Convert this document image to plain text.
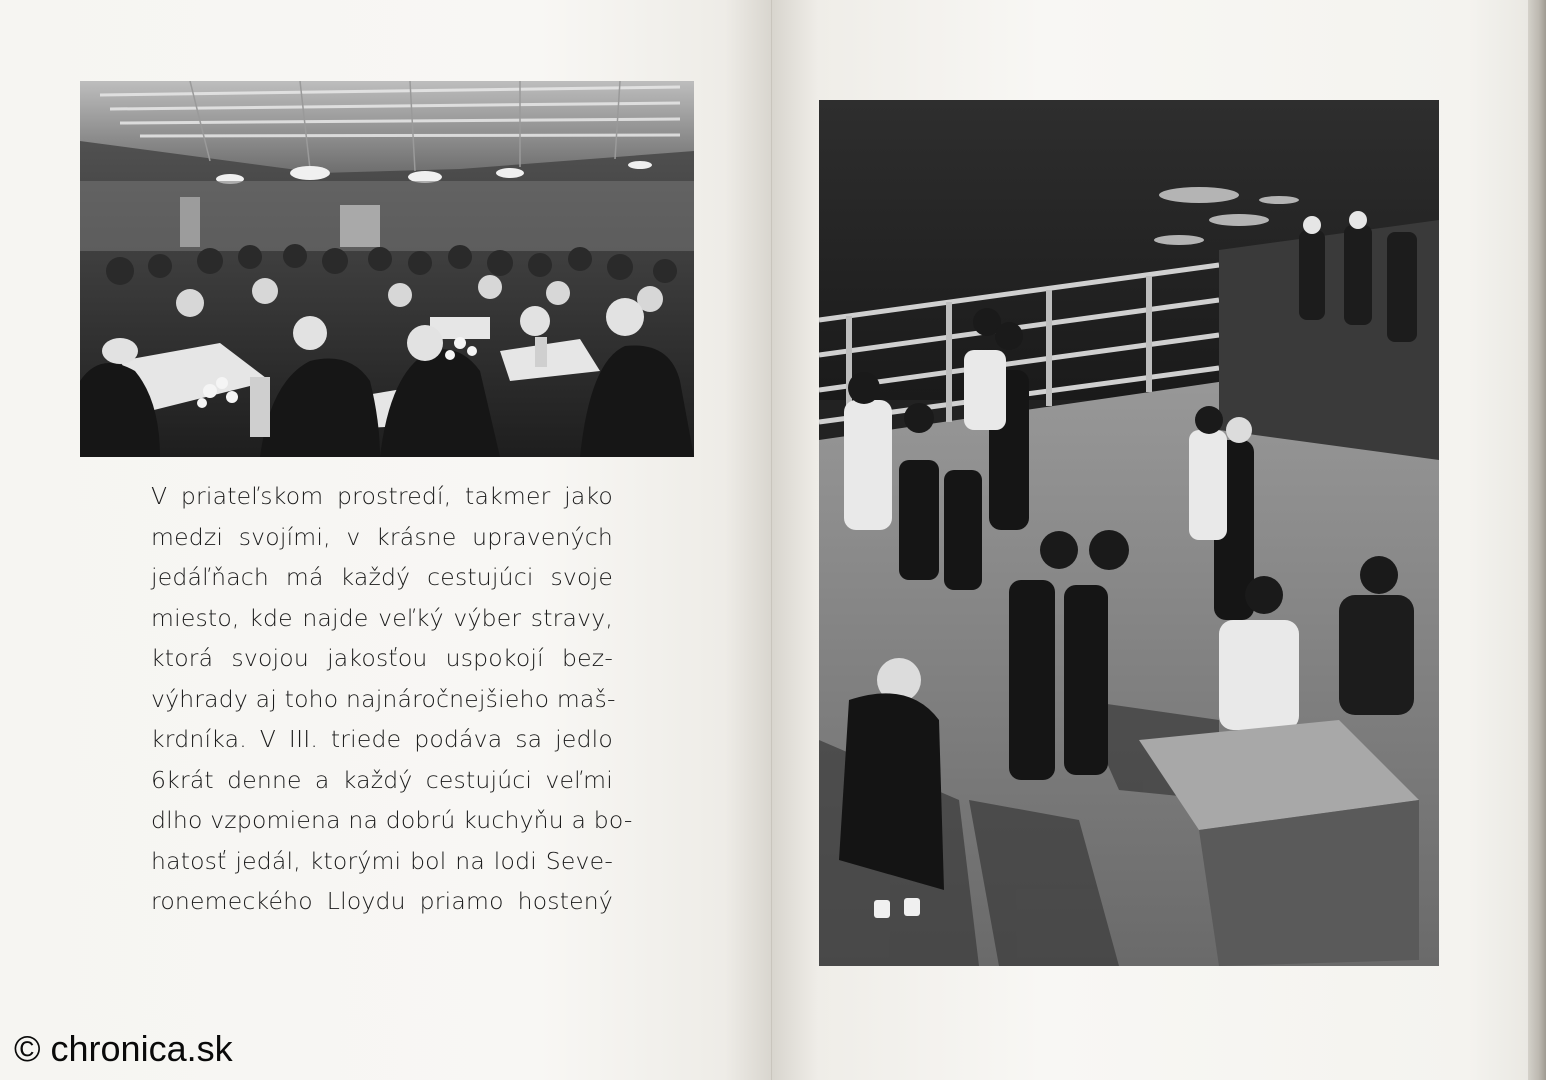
V priateľskom prostredí, takmer jako
medzi svojími, v krásne upravených
jedáľňach má každý cestujúci svoje
miesto, kde najde veľký výber stravy,
ktorá svojou jakosťou uspokojí bez-
výhrady aj toho najnáročnejšieho maš-
krdníka. V III. triede podáva sa jedlo
6krát denne a každý cestujúci veľmi
dlho vzpomiena na dobrú kuchyňu a bo-
hatosť jedál, ktorými bol na lodi Seve-
ronemeckého Lloydu priamo hostený
© chronica.sk
